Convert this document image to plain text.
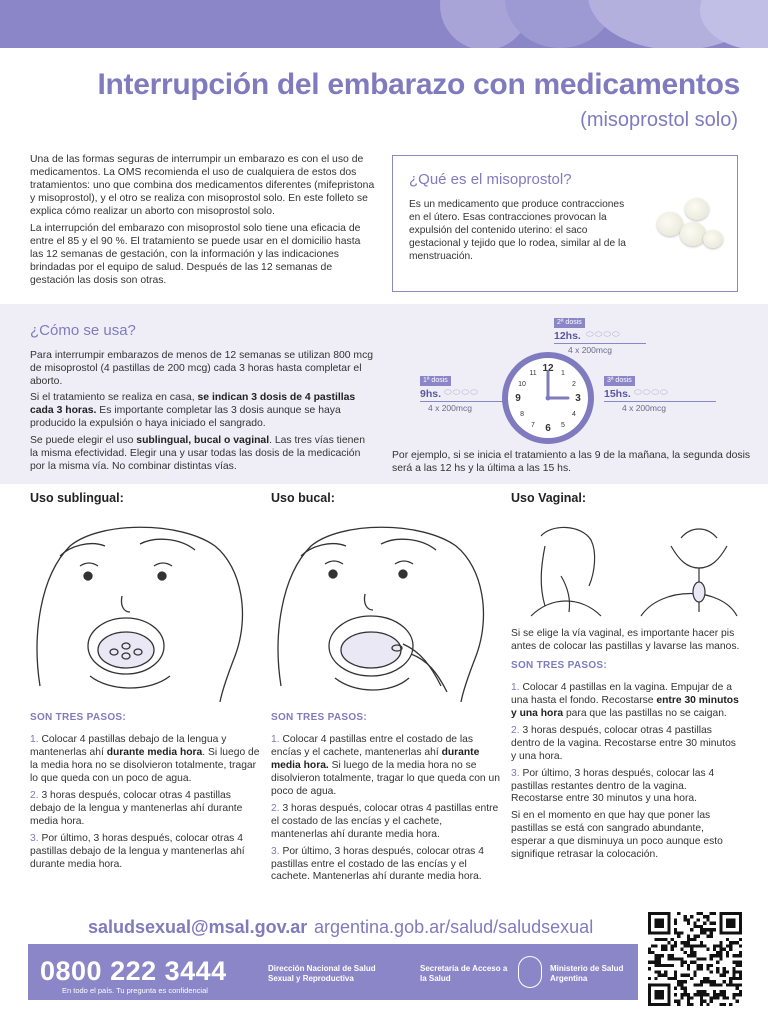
Interrupción del embarazo con medicamentos
(misoprostol solo)

Una de las formas seguras de interrumpir un embarazo es con el uso de medicamentos. La OMS recomienda el uso de cualquiera de estos dos tratamientos: uno que combina dos medicamentos diferentes (mifepristona y misoprostol), y el otro se realiza con misoprostol solo. En este folleto se explica cómo realizar un aborto con misoprostol solo.

La interrupción del embarazo con misoprostol solo tiene una eficacia de entre el 85 y el 90 %. El tratamiento se puede usar en el domicilio hasta las 12 semanas de gestación, con la información y las indicaciones brindadas por el equipo de salud. Después de las 12 semanas de gestación las dosis son otras.

¿Qué es el misoprostol?

Es un medicamento que produce contracciones en el útero. Esas contracciones provocan la expulsión del contenido uterino: el saco gestacional y tejido que lo rodea, similar al de la menstruación.

¿Cómo se usa?

Para interrumpir embarazos de menos de 12 semanas se utilizan 800 mcg de misoprostol (4 pastillas de 200 mcg) cada 3 horas hasta completar el aborto.

Si el tratamiento se realiza en casa, se indican 3 dosis de 4 pastillas cada 3 horas. Es importante completar las 3 dosis aunque se haya producido la expulsión o haya iniciado el sangrado.

Se puede elegir el uso sublingual, bucal o vaginal. Las tres vías tienen la misma efectividad. Elegir una y usar todas las dosis de la medicación por la misma vía. No combinar distintas vías.

2ª dosis
12hs. ⬭⬭⬭⬭
4 x 200mcg
1ª dosis
9hs. ⬭⬭⬭⬭
4 x 200mcg
3ª dosis
15hs. ⬭⬭⬭⬭
4 x 200mcg
12 1
2
3
4
5
6
7
8
9
10
11
Por ejemplo, si se inicia el tratamiento a las 9 de la mañana, la segunda dosis será a las 12 hs y la última a las 15 hs.
Uso sublingual:
SON TRES PASOS:
1. Colocar 4 pastillas debajo de la lengua y mantenerlas ahí durante media hora. Si luego de la media hora no se disolvieron totalmente, tragar lo que queda con un poco de agua.
2. 3 horas después, colocar otras 4 pastillas debajo de la lengua y mantenerlas ahí durante media hora.
3. Por último, 3 horas después, colocar otras 4 pastillas debajo de la lengua y mantenerlas ahí durante media hora.
Uso bucal:
SON TRES PASOS:
1. Colocar 4 pastillas entre el costado de las encías y el cachete, mantenerlas ahí durante media hora. Si luego de la media hora no se disolvieron totalmente, tragar lo que queda con un poco de agua.
2. 3 horas después, colocar otras 4 pastillas entre el costado de las encías y el cachete, mantenerlas ahí durante media hora.
3. Por último, 3 horas después, colocar otras 4 pastillas entre el costado de las encías y el cachete. Mantenerlas ahí durante media hora.
Uso Vaginal:
Si se elige la vía vaginal, es importante hacer pis antes de colocar las pastillas y lavarse las manos.
SON TRES PASOS:
1. Colocar 4 pastillas en la vagina. Empujar de a una hasta el fondo. Recostarse entre 30 minutos y una hora para que las pastillas no se caigan.
2. 3 horas después, colocar otras 4 pastillas dentro de la vagina. Recostarse entre 30 minutos y una hora.
3. Por último, 3 horas después, colocar las 4 pastillas restantes dentro de la vagina. Recostarse entre 30 minutos y una hora.
Si en el momento en que hay que poner las pastillas se está con sangrado abundante, esperar a que disminuya un poco aunque esto signifique retrasar la colocación.
saludsexual@msal.gov.ar argentina.gob.ar/salud/saludsexual
0800 222 3444
En todo el país. Tu pregunta es confidencial
Dirección Nacional de Salud Sexual y Reproductiva
Secretaría de Acceso a la Salud
Ministerio de Salud Argentina
